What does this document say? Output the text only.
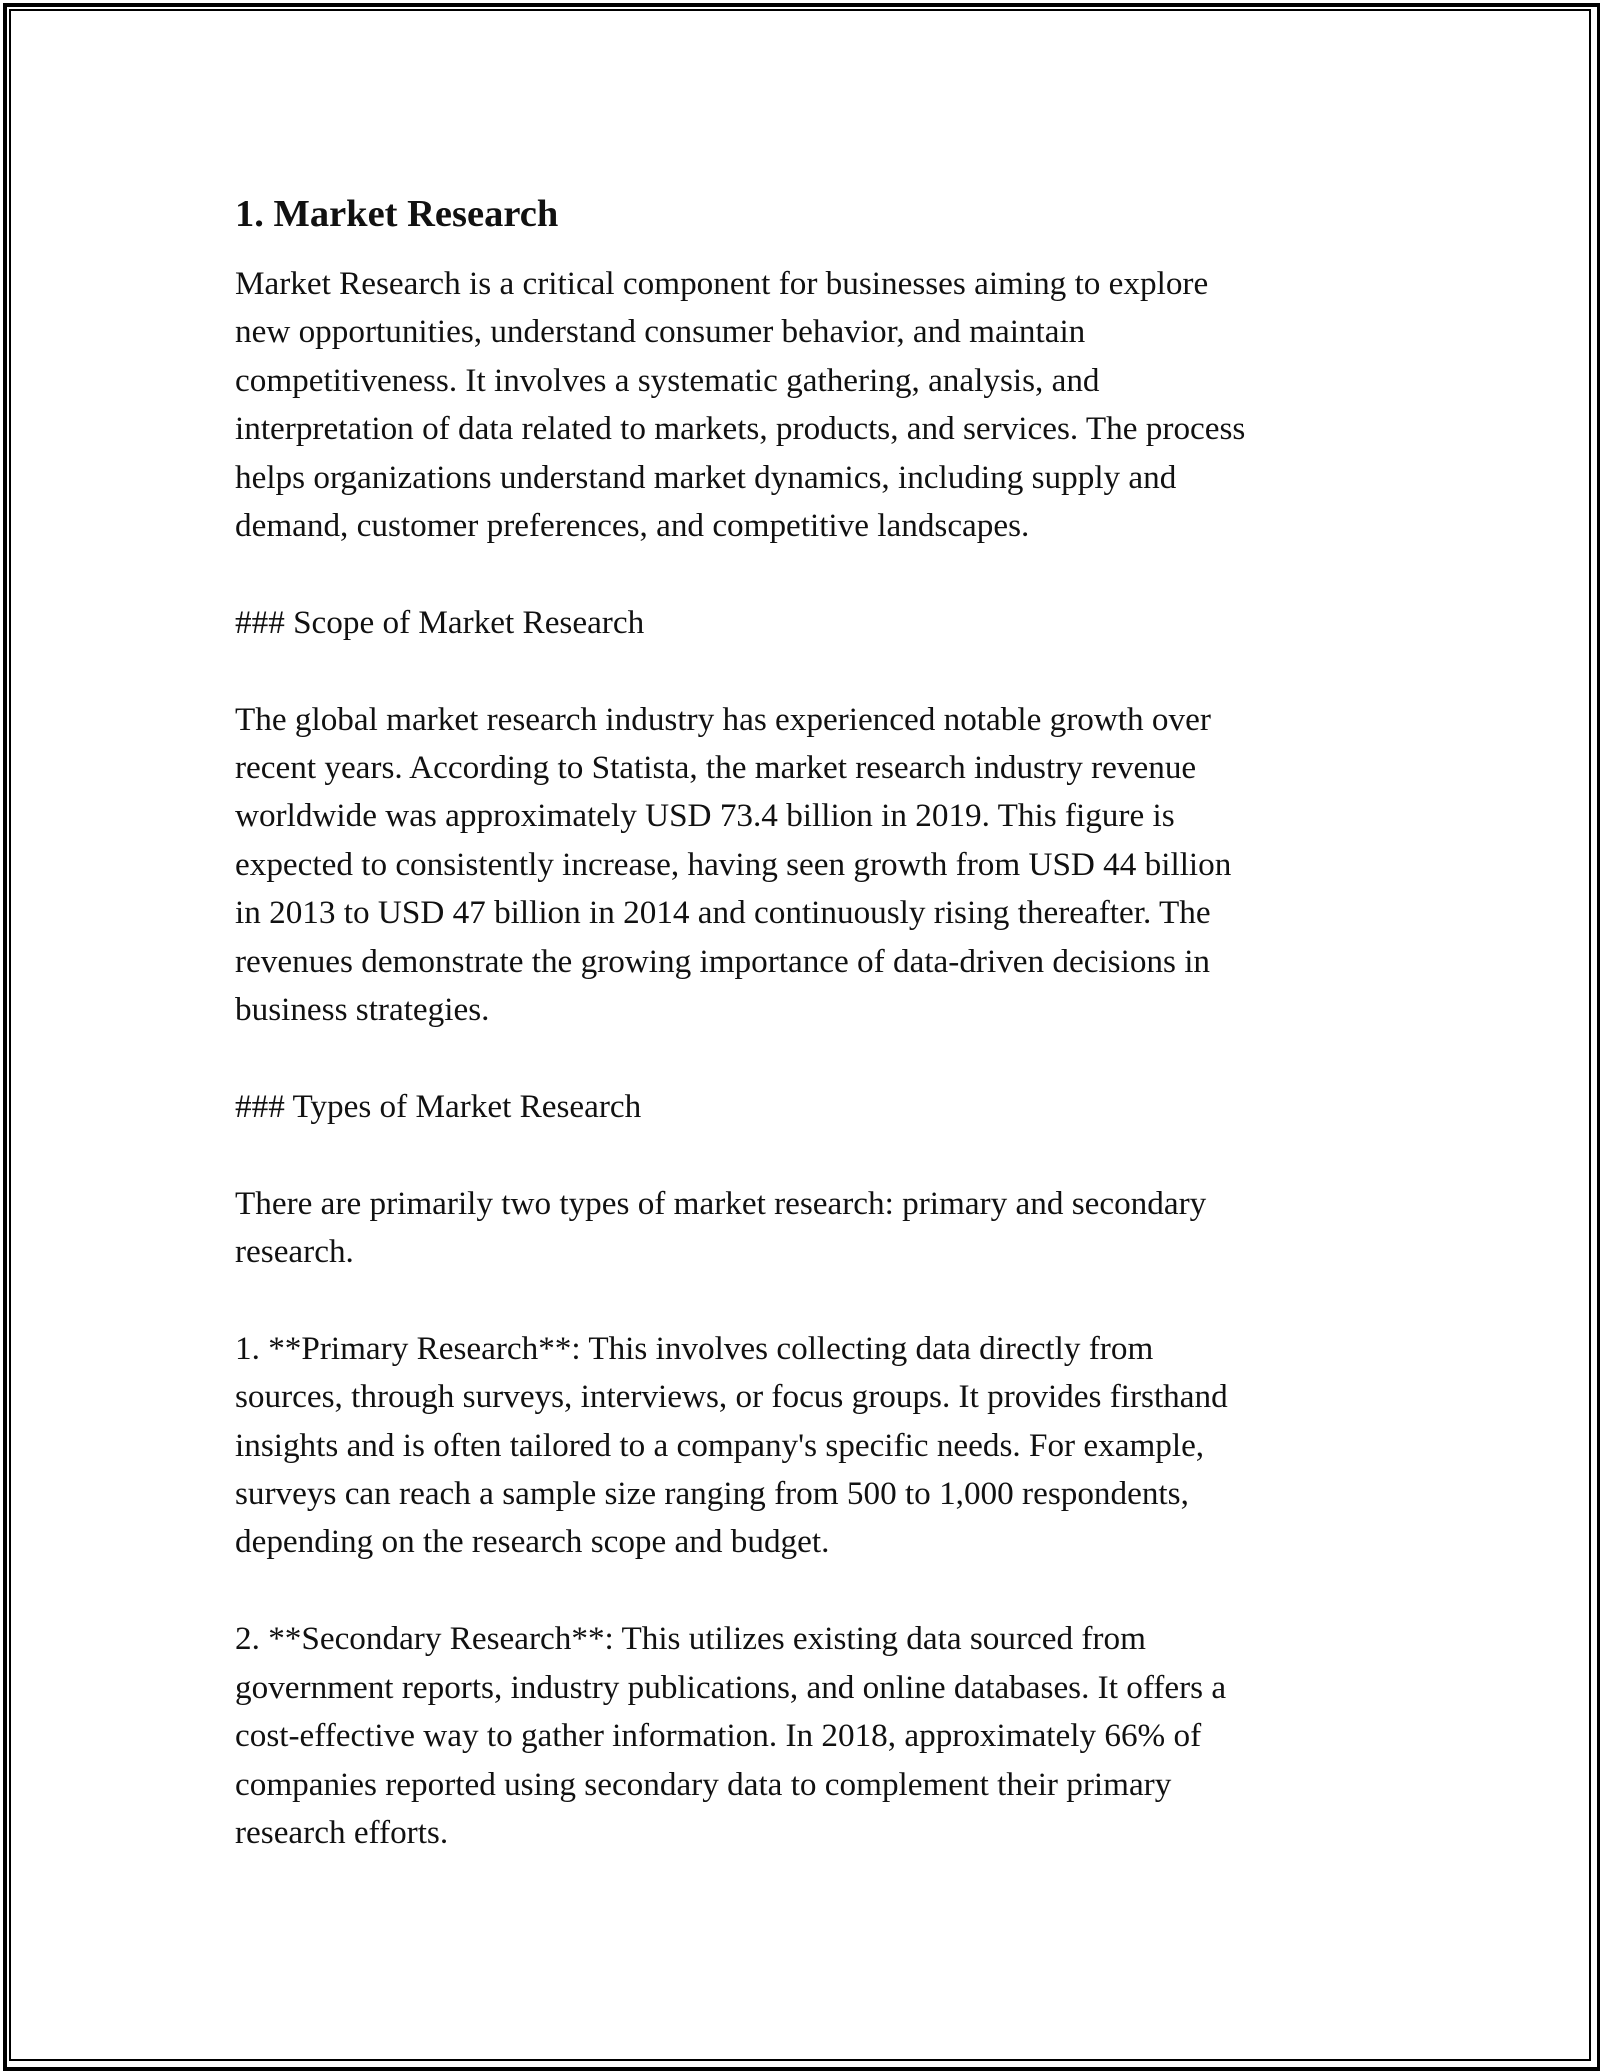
1. Market Research

Market Research is a critical component for businesses aiming to explore
new opportunities, understand consumer behavior, and maintain
competitiveness. It involves a systematic gathering, analysis, and
interpretation of data related to markets, products, and services. The process
helps organizations understand market dynamics, including supply and
demand, customer preferences, and competitive landscapes.

### Scope of Market Research

The global market research industry has experienced notable growth over
recent years. According to Statista, the market research industry revenue
worldwide was approximately USD 73.4 billion in 2019. This figure is
expected to consistently increase, having seen growth from USD 44 billion
in 2013 to USD 47 billion in 2014 and continuously rising thereafter. The
revenues demonstrate the growing importance of data-driven decisions in
business strategies.

### Types of Market Research

There are primarily two types of market research: primary and secondary
research.

1. **Primary Research**: This involves collecting data directly from
sources, through surveys, interviews, or focus groups. It provides firsthand
insights and is often tailored to a company's specific needs. For example,
surveys can reach a sample size ranging from 500 to 1,000 respondents,
depending on the research scope and budget.

2. **Secondary Research**: This utilizes existing data sourced from
government reports, industry publications, and online databases. It offers a
cost-effective way to gather information. In 2018, approximately 66% of
companies reported using secondary data to complement their primary
research efforts.
